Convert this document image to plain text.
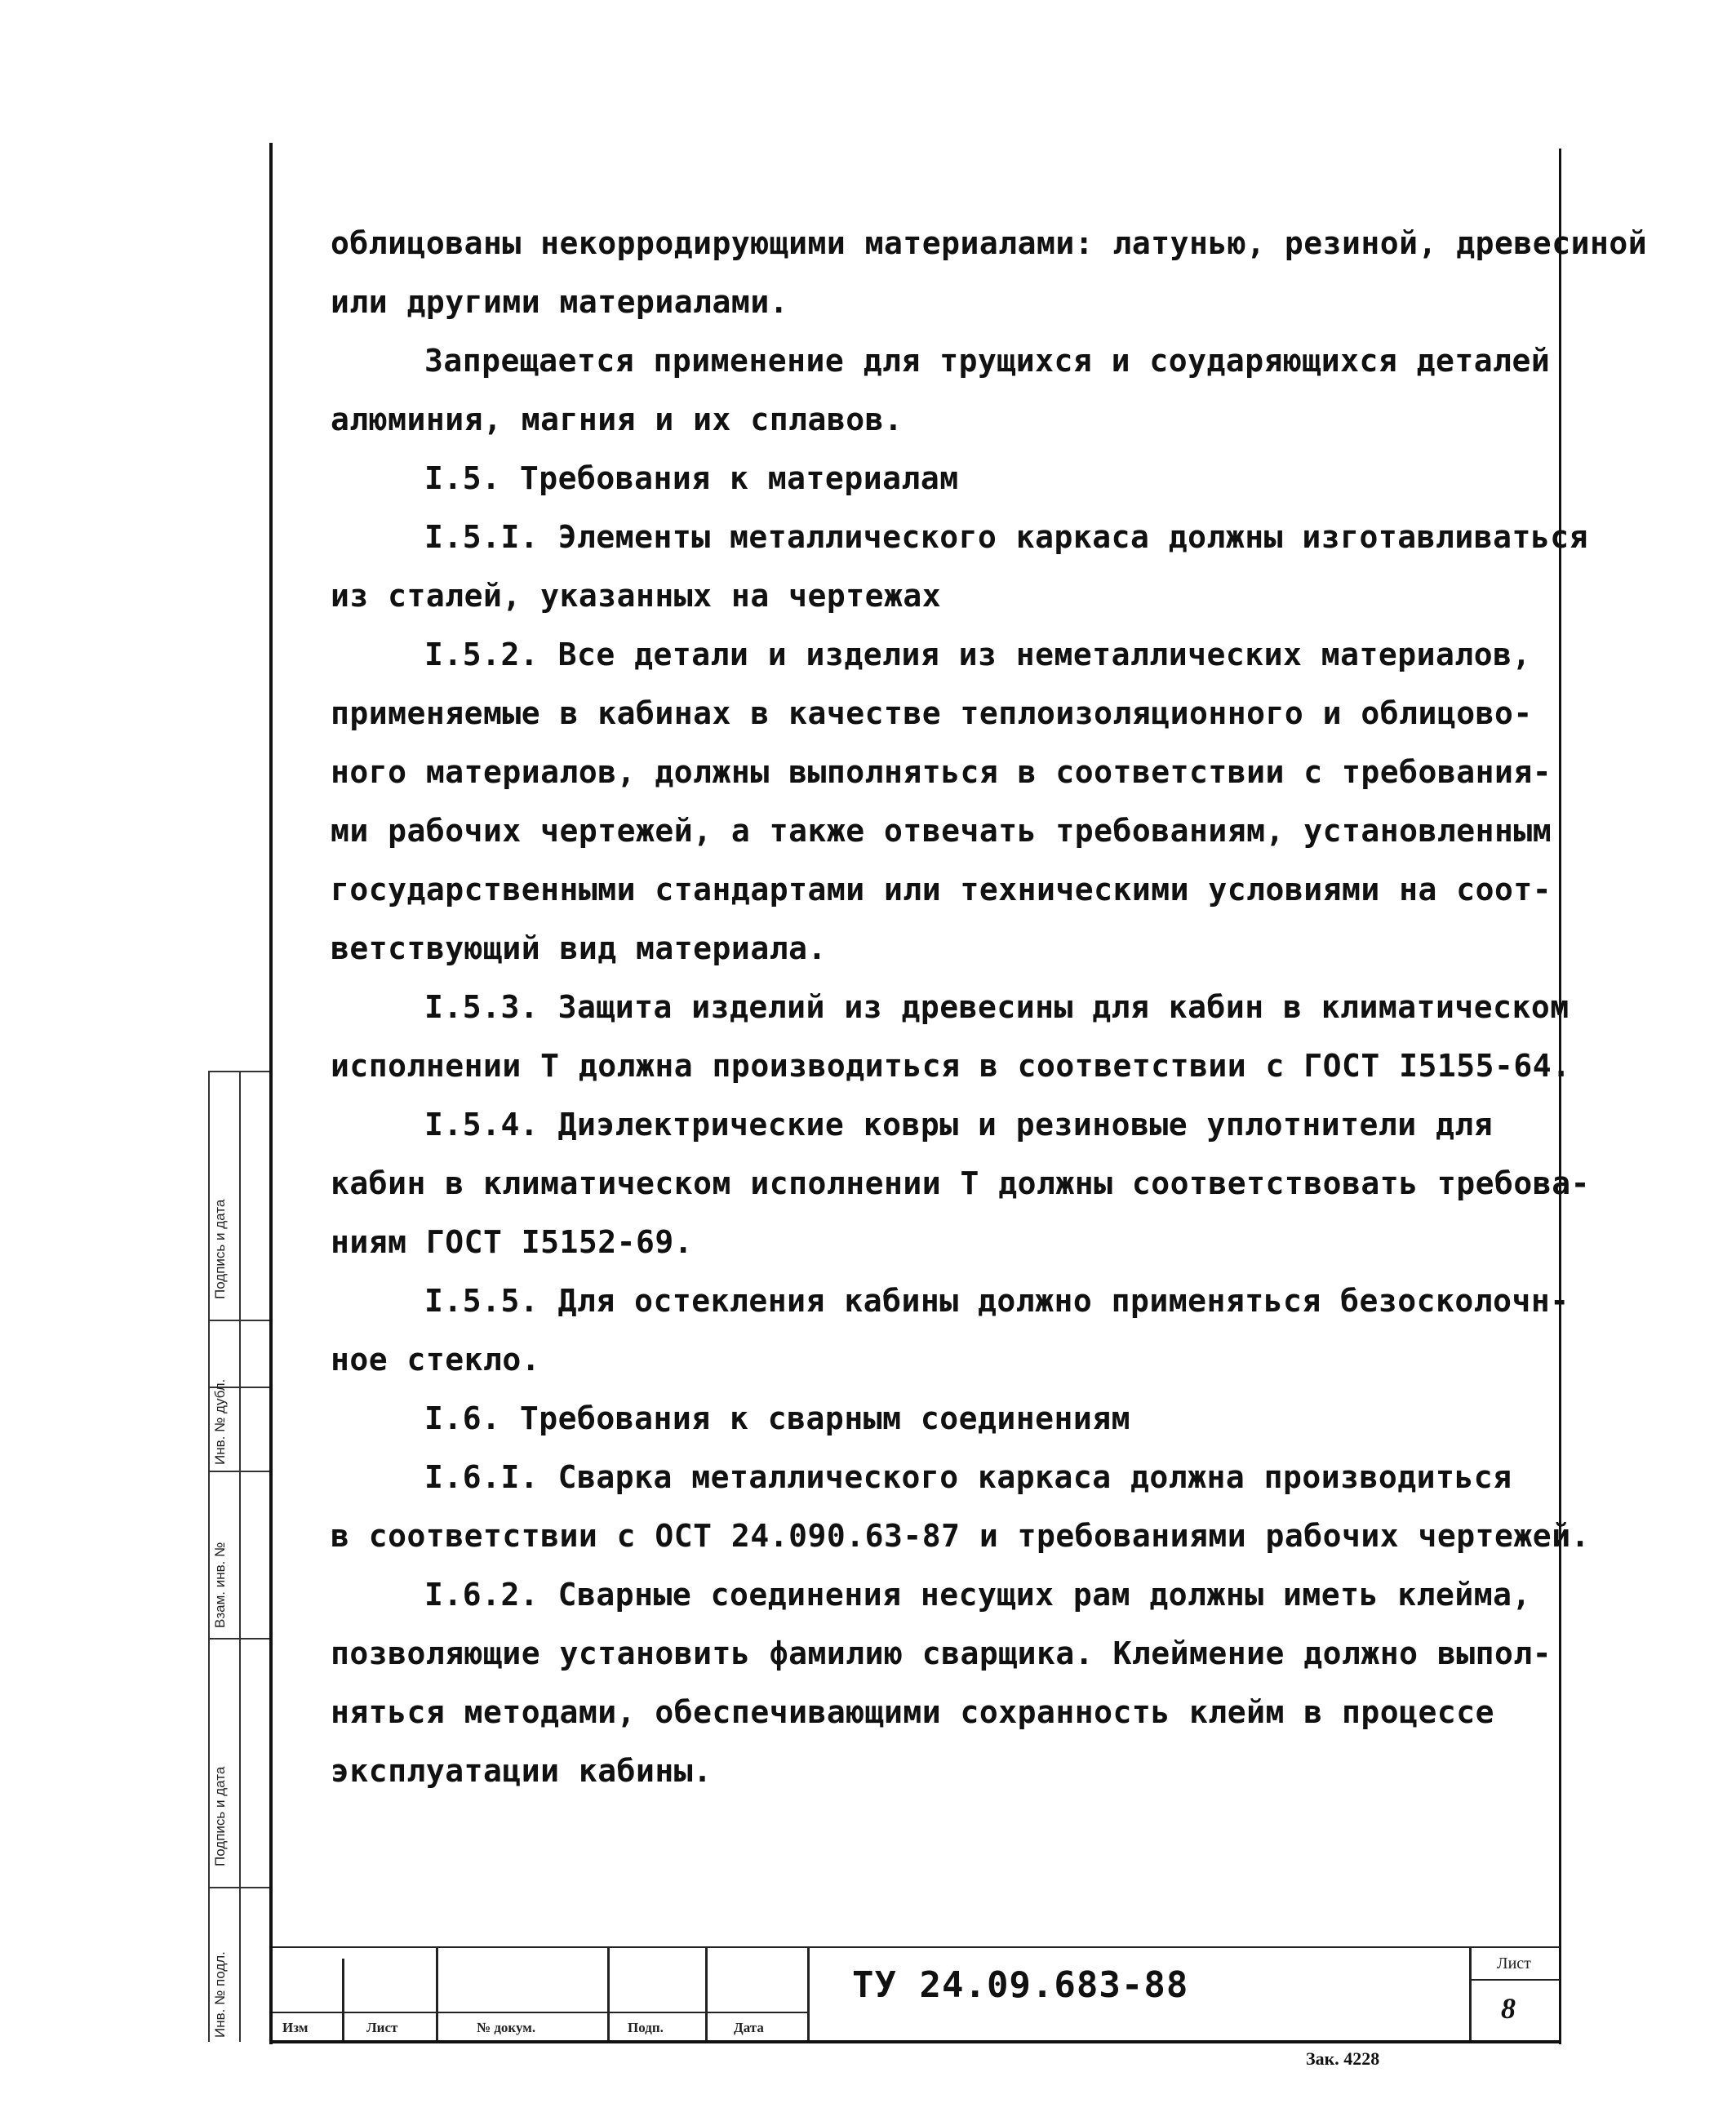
облицованы некорродирующими материалами: латунью, резиной, древесиной
или другими материалами.
Запрещается применение для трущихся и соударяющихся деталей
алюминия, магния и их сплавов.
I.5. Требования к материалам
I.5.I. Элементы металлического каркаса должны изготавливаться
из сталей, указанных на чертежах
I.5.2. Все детали и изделия из неметаллических материалов,
применяемые в кабинах в качестве теплоизоляционного и облицово-
ного материалов, должны выполняться в соответствии с требования-
ми рабочих чертежей, а также отвечать требованиям, установленным
государственными стандартами или техническими условиями на соот-
ветствующий вид материала.
I.5.3. Защита изделий из древесины для кабин в климатическом
исполнении Т должна производиться в соответствии с ГОСТ I5155-64.
I.5.4. Диэлектрические ковры и резиновые уплотнители для
кабин в климатическом исполнении Т должны соответствовать требова-
ниям ГОСТ I5152-69.
I.5.5. Для остекления кабины должно применяться безосколочн-
ное стекло.
I.6. Требования к сварным соединениям
I.6.I. Сварка металлического каркаса должна производиться
в соответствии с ОСТ 24.090.63-87 и требованиями рабочих чертежей.
I.6.2. Сварные соединения несущих рам должны иметь клейма,
позволяющие установить фамилию сварщика. Клеймение должно выпол-
няться методами, обеспечивающими сохранность клейм в процессе
эксплуатации кабины.
Инв. № подл.
Подпись и дата
Взам. инв. №
Инв. № дубл.
Подпись и дата
Изм	Лист	№ докум.	Подп.	Дата
ТУ 24.09.683-88
Лист
8
Зак. 4228
